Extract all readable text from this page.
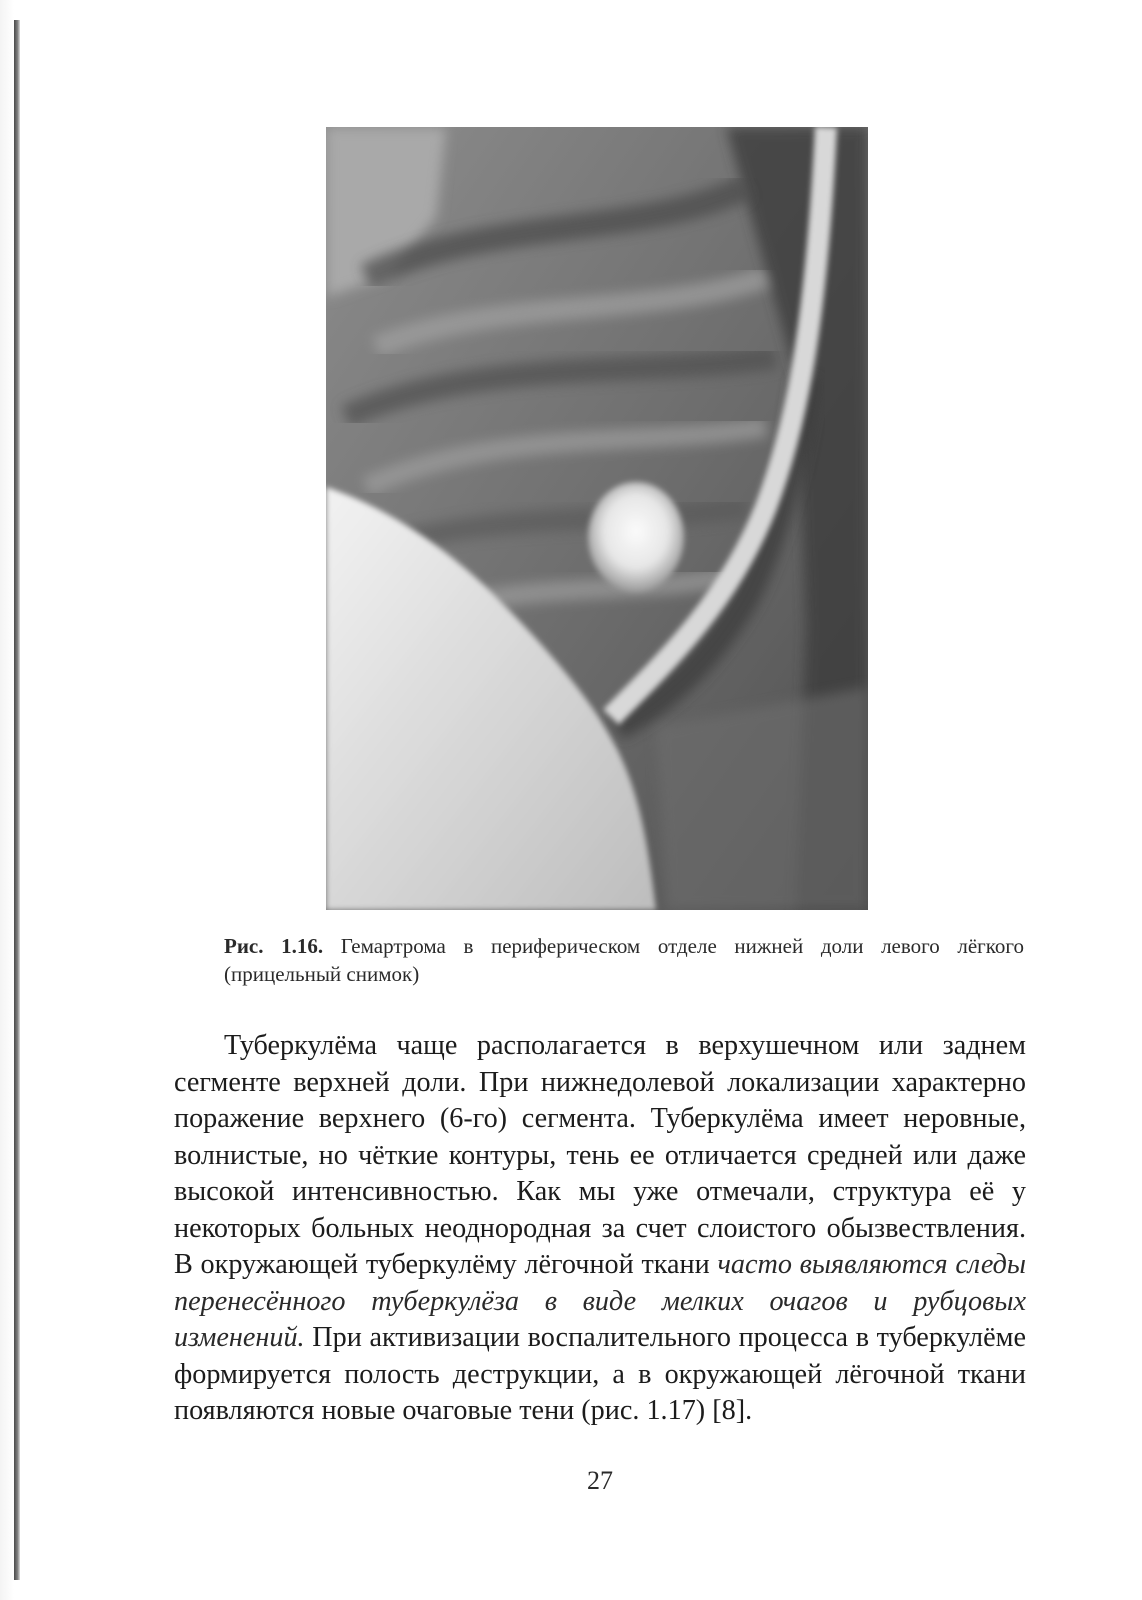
Рис. 1.16. Гемартрома в периферическом отделе нижней доли левого лёгкого (прицельный снимок)

Туберкулёма чаще располагается в верхушечном или заднем сегменте верхней доли. При нижнедолевой локализации характерно поражение верхнего (6-го) сегмента. Туберкулёма имеет неровные, волнистые, но чёткие контуры, тень ее отличается средней или даже высокой интенсивностью. Как мы уже отмечали, структура её у некоторых больных неоднородная за счет слоистого обызвествления. В окружающей туберкулёму лёгочной ткани часто выявляются следы перенесённого туберкулёза в виде мелких очагов и рубцовых изменений. При активизации воспалительного процесса в туберкулёме формируется полость деструкции, а в окружающей лёгочной ткани появляются новые очаговые тени (рис. 1.17) [8].

27
